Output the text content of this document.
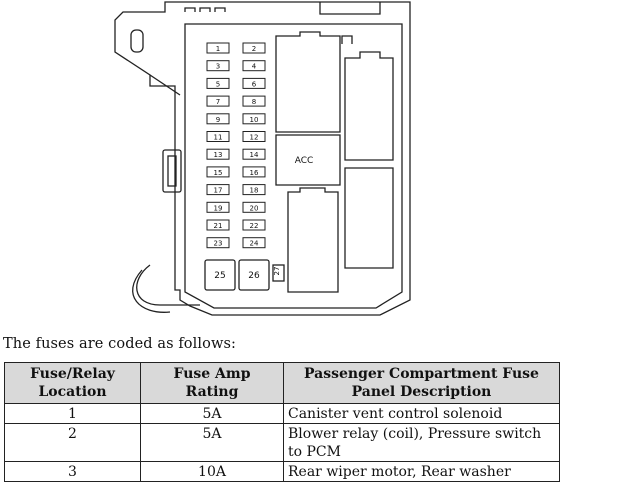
1	2
3	4
5	6
7	8
9	10
11	12
13	14
15	16
17	18
19	20
21	22
23	24
25	26 27
ACC
The fuses are coded as follows:
Fuse/Relay Location	Fuse Amp Rating	Passenger Compartment Fuse Panel Description
1	5A	Canister vent control solenoid
2	5A	Blower relay (coil), Pressure switch to PCM
3	10A	Rear wiper motor, Rear washer
